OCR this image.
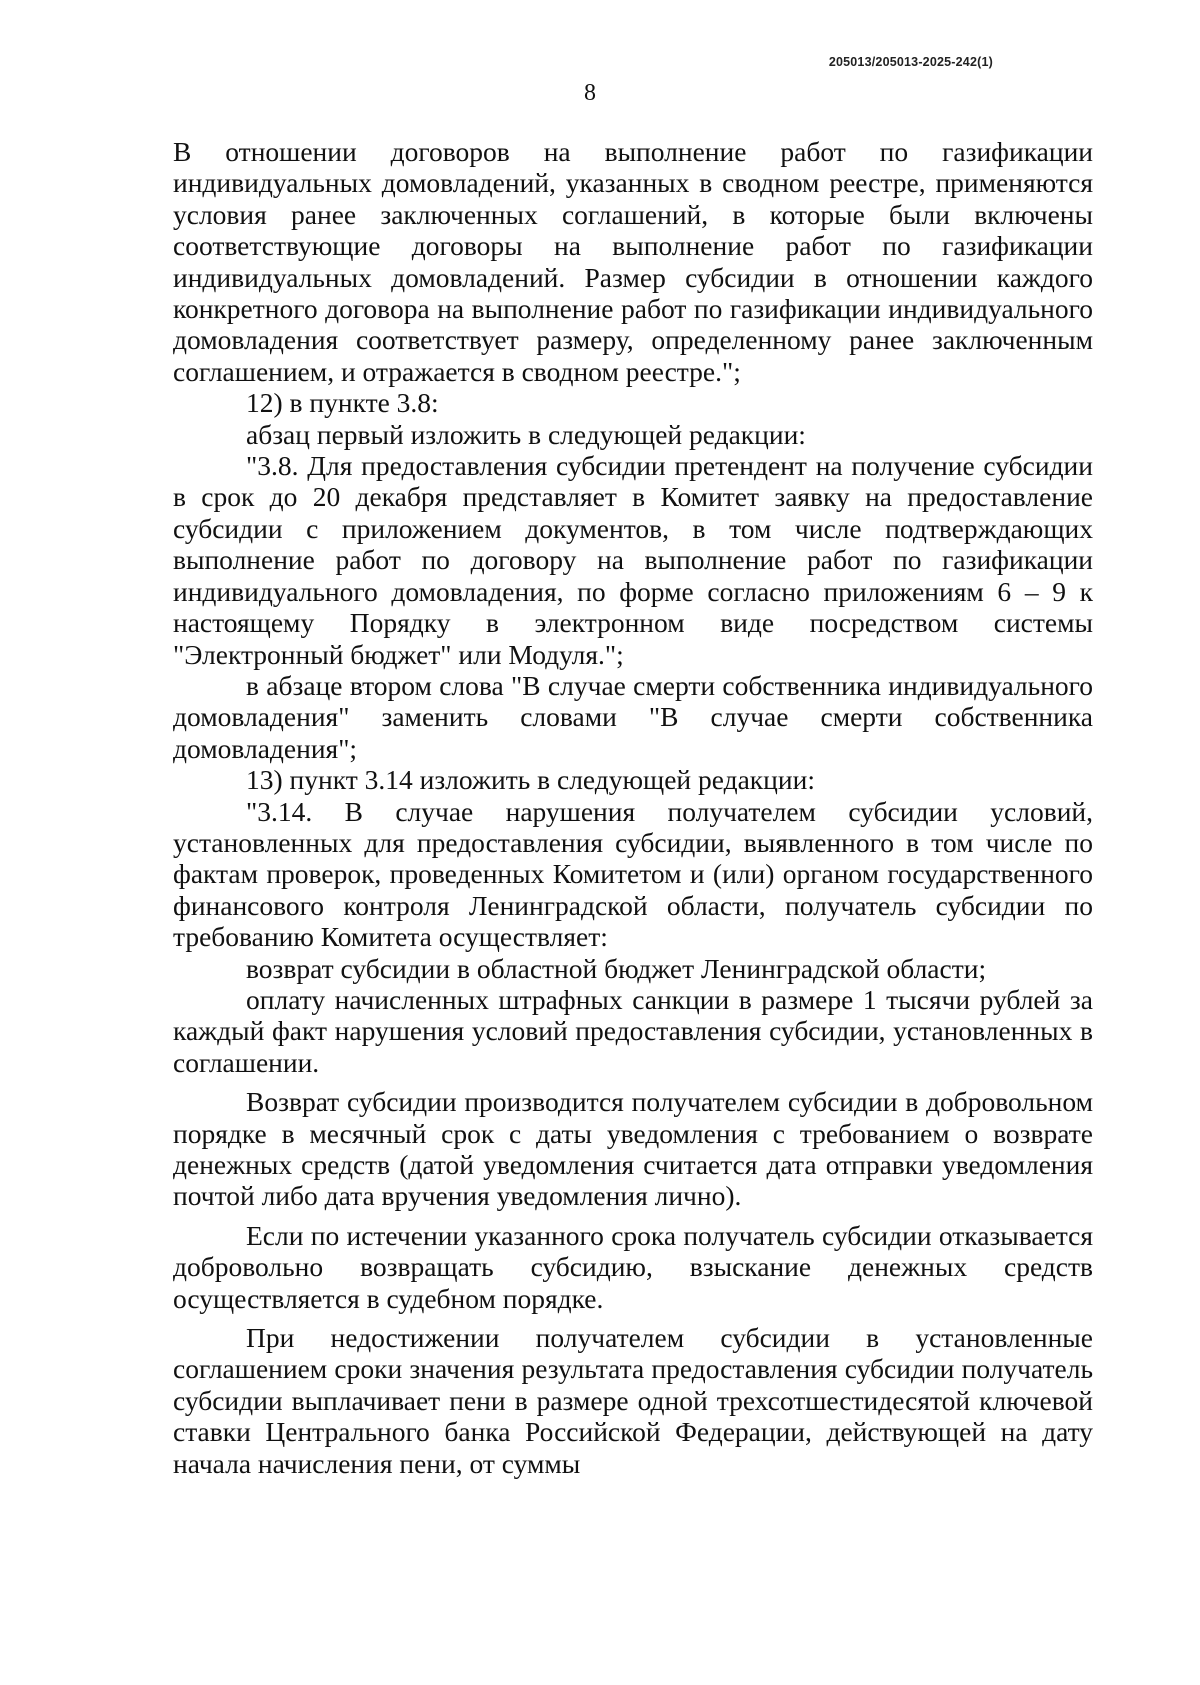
205013/205013-2025-242(1)
8

В отношении договоров на выполнение работ по газификации индивидуальных домовладений, указанных в сводном реестре, применяются условия ранее заключенных соглашений, в которые были включены соответствующие договоры на выполнение работ по газификации индивидуальных домовладений. Размер субсидии в отношении каждого конкретного договора на выполнение работ по газификации индивидуального домовладения соответствует размеру, определенному ранее заключенным соглашением, и отражается в сводном реестре.";

12) в пункте 3.8:

абзац первый изложить в следующей редакции:

"3.8. Для предоставления субсидии претендент на получение субсидии в срок до 20 декабря представляет в Комитет заявку на предоставление субсидии с приложением документов, в том числе подтверждающих выполнение работ по договору на выполнение работ по газификации индивидуального домовладения, по форме согласно приложениям 6 – 9 к настоящему Порядку в электронном виде посредством системы "Электронный бюджет" или Модуля.";

в абзаце втором слова "В случае смерти собственника индивидуального домовладения" заменить словами "В случае смерти собственника домовладения";

13) пункт 3.14 изложить в следующей редакции:

"3.14. В случае нарушения получателем субсидии условий, установленных для предоставления субсидии, выявленного в том числе по фактам проверок, проведенных Комитетом и (или) органом государственного финансового контроля Ленинградской области, получатель субсидии по требованию Комитета осуществляет:

возврат субсидии в областной бюджет Ленинградской области;

оплату начисленных штрафных санкции в размере 1 тысячи рублей за каждый факт нарушения условий предоставления субсидии, установленных в соглашении.

Возврат субсидии производится получателем субсидии в добровольном порядке в месячный срок с даты уведомления с требованием о возврате денежных средств (датой уведомления считается дата отправки уведомления почтой либо дата вручения уведомления лично).

Если по истечении указанного срока получатель субсидии отказывается добровольно возвращать субсидию, взыскание денежных средств осуществляется в судебном порядке.

При недостижении получателем субсидии в установленные соглашением сроки значения результата предоставления субсидии получатель субсидии выплачивает пени в размере одной трехсотшестидесятой ключевой ставки Центрального банка Российской Федерации, действующей на дату начала начисления пени, от суммы
